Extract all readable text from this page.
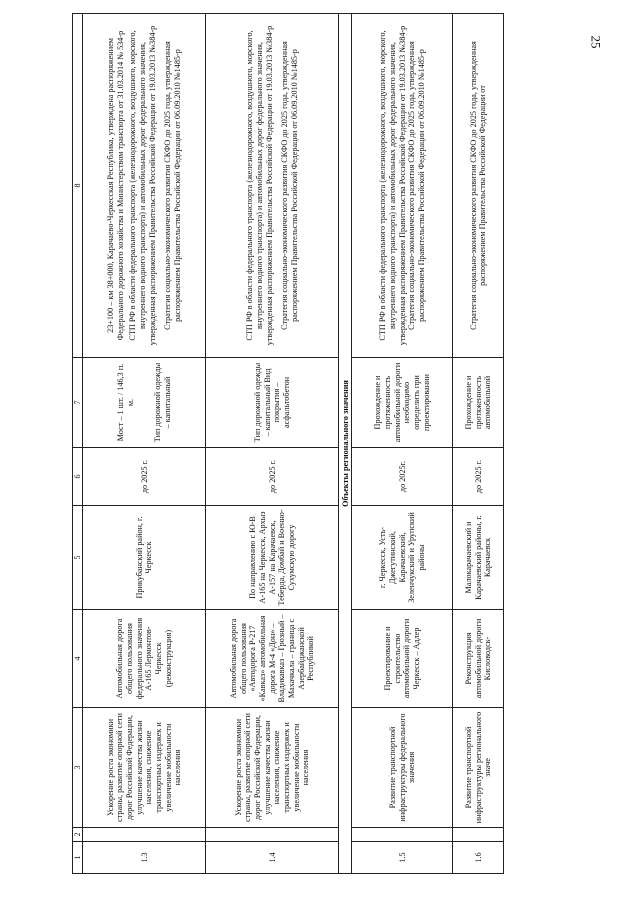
25
1	2	3	4	5	6	7	8
1.3		Ускорение роста экономики страны, развитие опорной сети дорог Российской Федерации, улучшение качества жизни населения, снижение транспортных издержек и увеличение мобильности населения	Автомобильная дорога общего пользования федерального значения А-165 Лермонтов-Черкесск (реконструкция)	Прикубанский район, г. Черкесск	до 2025 г.	Мост – 1 шт. / 146,3 п. м. Тип дорожной одежды – капитальный	23+100 – км 38+000, Карачаево-Черкесская Республика, утверждена распоряжением Федерального дорожного хозяйства и Министерством транспорта от 31.03.2014 № 534-р СТП РФ в области федерального транспорта (железнодорожного, воздушного, морского, внутреннего водного транспорта) и автомобильных дорог федерального значения, утвержденная распоряжением Правительства Российской Федерации от 19.03.2013 №384-р Стратегия социально-экономического развития СКФО до 2025 года, утвержденная распоряжением Правительства Российской Федерации от 06.09.2010 №1485-р

1.4		Ускорение роста экономики страны, развитие опорной сети дорог Российской Федерации, улучшение качества жизни населения, снижение транспортных издержек и увеличение мобильности населения	Автомобильная дорога общего пользования «Автодорога Р-217 «Кавказ» автомобильная дорога М-4 «Дон» – Владикавказ – Грозный – Махачкала – граница с Азербайджанской Республикой	По направлению с Ю-В А-165 на Черкесск, Архыз А-157 на Карачаевск, Теберда, Домбай и Военно-Сухумскую дорогу	до 2025 г.	Тип дорожной одежды – капитальный Вид покрытия – асфальтобетон	СТП РФ в области федерального транспорта (железнодорожного, воздушного, морского, внутреннего водного транспорта) и автомобильных дорог федерального значения, утвержденная распоряжением Правительства Российской Федерации от 19.03.2013 №384-р Стратегия социально-экономического развития СКФО до 2025 года, утвержденная распоряжением Правительства Российской Федерации от 06.09.2010 №1485-р

Объекты регионального значения							
1.5		Развитие транспортной инфраструктуры федерального значения	Проектирование и строительство автомобильной дороги Черкесск – Адлер	г. Черкесск, Усть-Джегутинский, Карачаевский, Зеленчукский и Урупский районы	до 2025г.	Прохождение и протяженность автомобильной дороги необходимо определить при проектировании	СТП РФ в области федерального транспорта (железнодорожного, воздушного, морского, внутреннего водного транспорта) и автомобильных дорог федерального значения, утвержденная распоряжением Правительства Российской Федерации от 19.03.2013 №384-р Стратегия социально-экономического развития СКФО до 2025 года, утвержденная распоряжением Правительства Российской Федерации от 06.09.2010 №1485-р

1.6		Развитие транспортной инфраструктуры регионального значе	Реконструкция автомобильной дороги Кисловодск-	Малокарачаевский и Карачаевский районы, г. Карачаевск	до 2025 г.	Прохождение и протяженность автомобильной	Стратегия социально-экономического развития СКФО до 2025 года, утвержденная распоряжением Правительства Российской Федерации от
